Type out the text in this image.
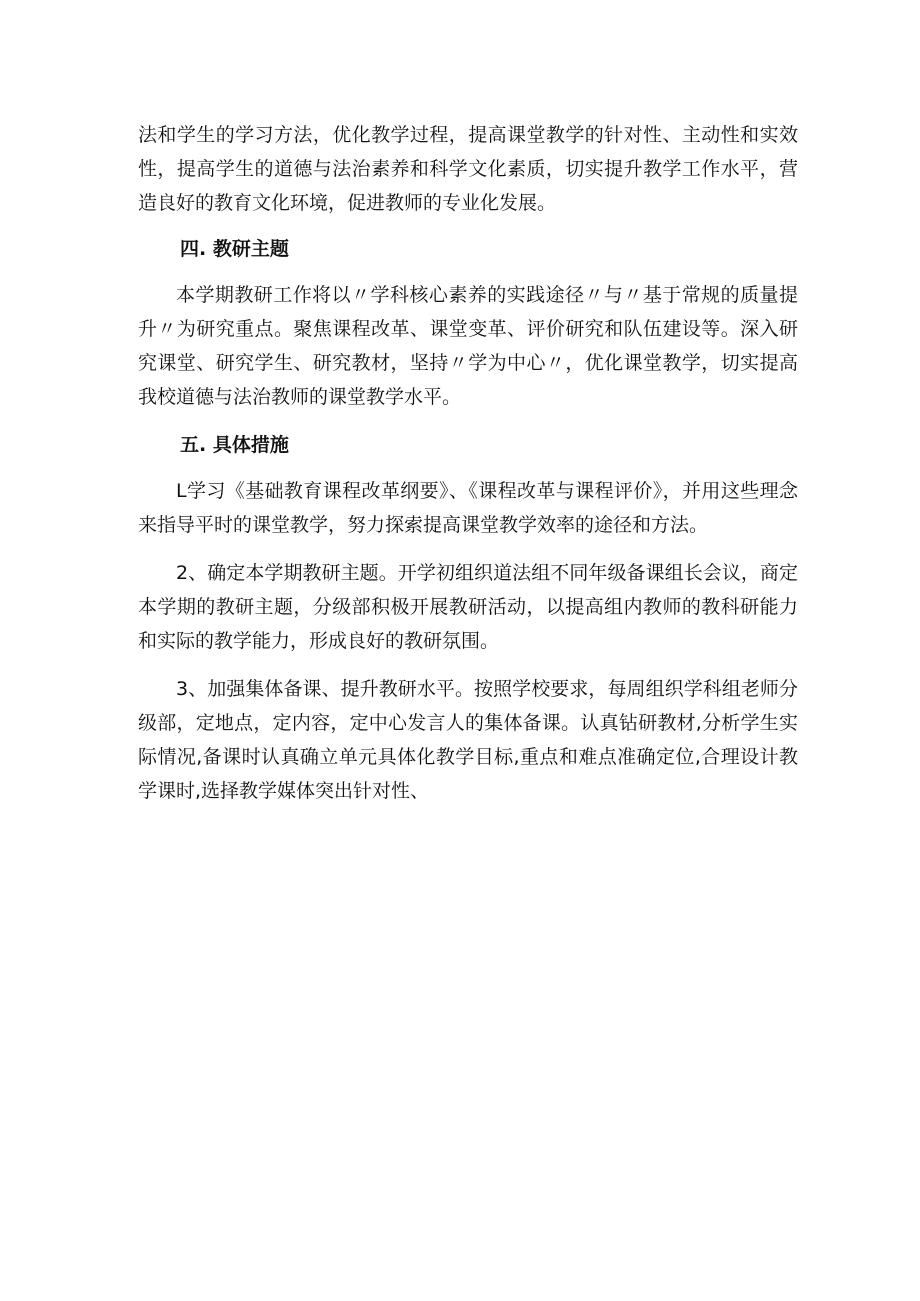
法和学生的学习方法，优化教学过程，提高课堂教学的针对性、主动性和实效性，提高学生的道德与法治素养和科学文化素质，切实提升教学工作水平，营造良好的教育文化环境，促进教师的专业化发展。

四. 教研主题

本学期教研工作将以〃学科核心素养的实践途径〃与〃基于常规的质量提升〃为研究重点。聚焦课程改革、课堂变革、评价研究和队伍建设等。深入研究课堂、研究学生、研究教材，坚持〃学为中心〃，优化课堂教学，切实提高我校道德与法治教师的课堂教学水平。

五. 具体措施

L学习《基础教育课程改革纲要》、《课程改革与课程评价》，并用这些理念来指导平时的课堂教学，努力探索提高课堂教学效率的途径和方法。

2、确定本学期教研主题。开学初组织道法组不同年级备课组长会议，商定本学期的教研主题，分级部积极开展教研活动，以提高组内教师的教科研能力和实际的教学能力，形成良好的教研氛围。

3、加强集体备课、提升教研水平。按照学校要求，每周组织学科组老师分级部，定地点，定内容，定中心发言人的集体备课。认真钻研教材,分析学生实际情况,备课时认真确立单元具体化教学目标,重点和难点准确定位,合理设计教学课时,选择教学媒体突出针对性、
